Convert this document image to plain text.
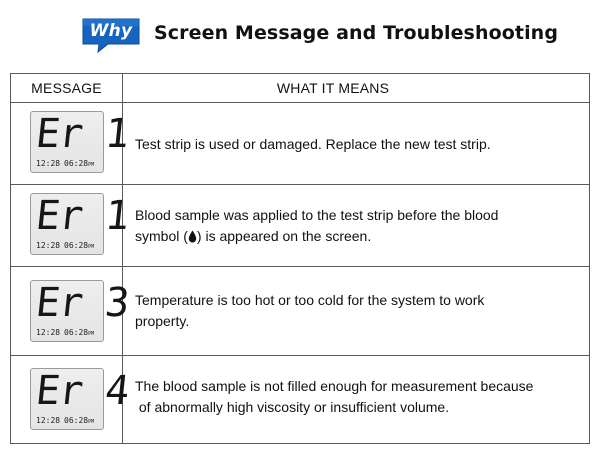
Why Screen Message and Troubleshooting
MESSAGE	WHAT IT MEANS
Er 1
12:28 06:28PM
Test strip is used or damaged. Replace the new test strip.
Er 1
12:28 06:28PM
Blood sample was applied to the test strip before the blood
symbol ( ) is appeared on the screen.
Er 3
12:28 06:28PM
Temperature is too hot or too cold for the system to work
property.
Er 4
12:28 06:28PM
The blood sample is not filled enough for measurement because
of abnormally high viscosity or insufficient volume.
